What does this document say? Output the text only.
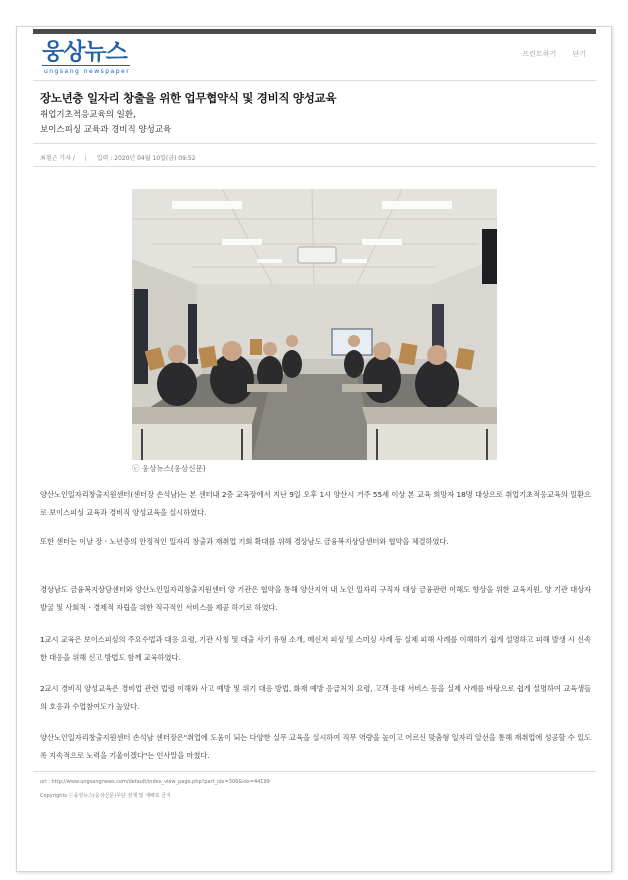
웅상뉴스
ungsang newspaper
프린트하기 닫기
장노년층 일자리 창출을 위한 업무협약식 및 경비직 양성교육
취업기초적응교육의 일환,
보이스피싱 교육과 경비직 양성교육
최철근 기자 / | 입력 : 2020년 04월 10일(금) 09:52
ⓒ 웅상뉴스(웅상신문)
양산노인일자리창출지원센터(센터장 손석남)는 본 센터내 2층 교육장에서 지난 9일 오후 1시 양산시 거주 55세 이상 본 교육 희망자 18명 대상으로 취업기초적응교육의 일환으로 보이스피싱 교육과 경비직 양성교육을 실시하였다.
또한 센터는 이날 장ㆍ노년층의 안정적인 일자리 창출과 재취업 기회 확대를 위해 경상남도 금융복지상담센터와 협약을 체결하였다.
경상남도 금융복지상담센터와 양산노인일자리창출지원센터 양 기관은 협약을 통해 양산지역 내 노인 일자리 구직자 대상 금융관련 이해도 향상을 위한 교육지원, 양 기관 대상자 발굴 및 사회적ㆍ경제적 자립을 위한 적극적인 서비스를 제공 하기로 하였다.
1교시 교육은 보이스피싱의 주요수법과 대응 요령, 기관 사칭 및 대출 사기 유형 소개, 메신저 피싱 및 스미싱 사례 등 실제 피해 사례를 이해하기 쉽게 설명하고 피해 발생 시 신속한 대응을 위해 신고 방법도 함께 교육하였다.
2교시 경비직 양성교육은 경비업 관련 법령 이해와 사고 예방 및 위기 대응 방법, 화재 예방 응급처치 요령, 고객 응대 서비스 등을 실제 사례를 바탕으로 쉽게 설명하여 교육생들의 호응과 수업참여도가 높았다.
양산노인일자리창출지원센터 손석남 센터장은"취업에 도움이 되는 다양한 실무 교육을 실시하여 직무 역량을 높이고 어르신 맞춤형 일자리 알선을 통해 재취업에 성공할 수 있도록 지속적으로 노력을 기울이겠다"는 인사말을 마쳤다.
url : http://www.ungsangnews.com/default/index_view_page.php?part_idx=306&idx=44199
Copyrights ⓒ웅상뉴스(웅상신문)무단 전재 및 재배포 금지
